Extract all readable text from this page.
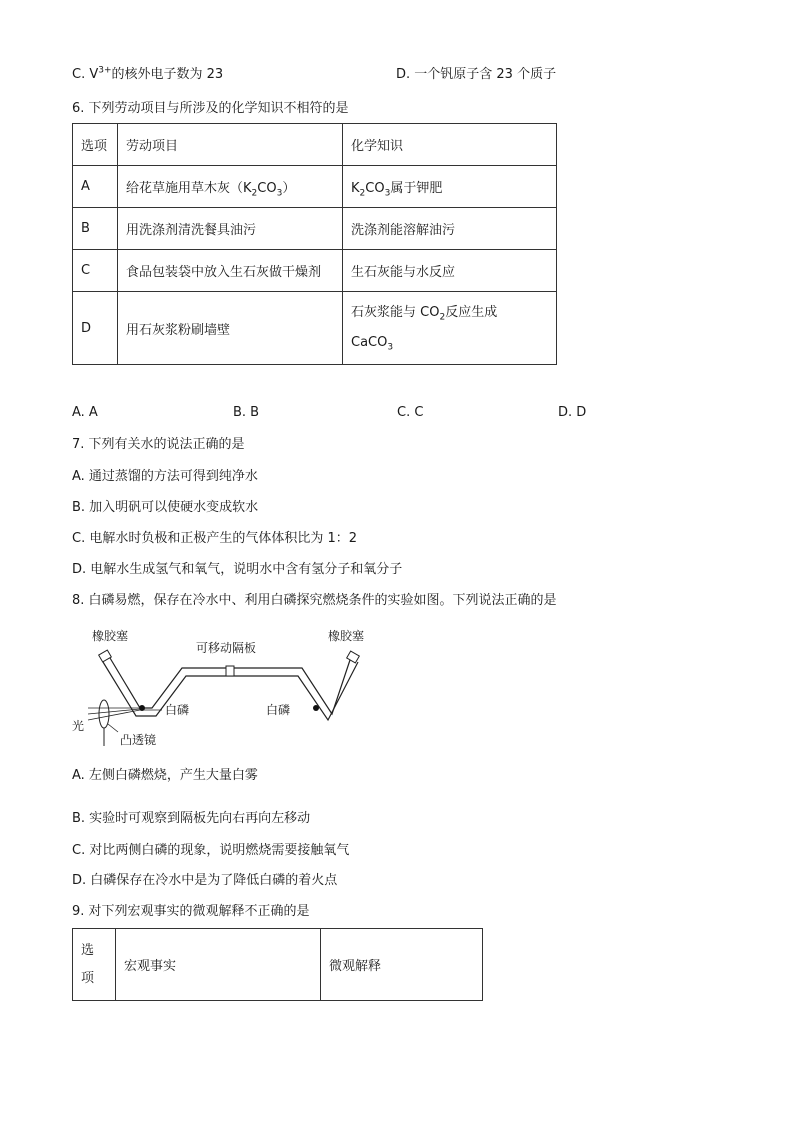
C. $V^{3+}$的核外电子数为 23	D. 一个钒原子含 23 个质子
6. 下列劳动项目与所涉及的化学知识不相符的是
选项	劳动项目	化学知识
A	给花草施用草木灰$(K_2CO_3)$	$K_2CO_3$属于钾肥
B	用洗涤剂清洗餐具油污	洗涤剂能溶解油污
C	食品包装袋中放入生石灰做干燥剂	生石灰能与水反应
D	用石灰浆粉刷墙壁	石灰浆能与 $CO_2$反应生成
CaCO$_3$
A. A	B. B	C. C	D. D
7. 下列有关水的说法正确的是
A. 通过蒸馏的方法可得到纯净水
B. 加入明矾可以使硬水变成软水
C. 电解水时负极和正极产生的气体体积比为 1：2
D. 电解水生成氢气和氧气，说明水中含有氢分子和氧分子
8. 白磷易燃，保存在冷水中、利用白磷探究燃烧条件的实验如图。下列说法正确的是
橡胶塞	橡胶塞
可移动隔板
白磷	白磷
光
凸透镜
A. 左侧白磷燃烧，产生大量白雾
B. 实验时可观察到隔板先向右再向左移动
C. 对比两侧白磷的现象，说明燃烧需要接触氧气
D. 白磷保存在冷水中是为了降低白磷的着火点
9. 对下列宏观事实的微观解释不正确的是
选
项
	宏观事实	微观解释
